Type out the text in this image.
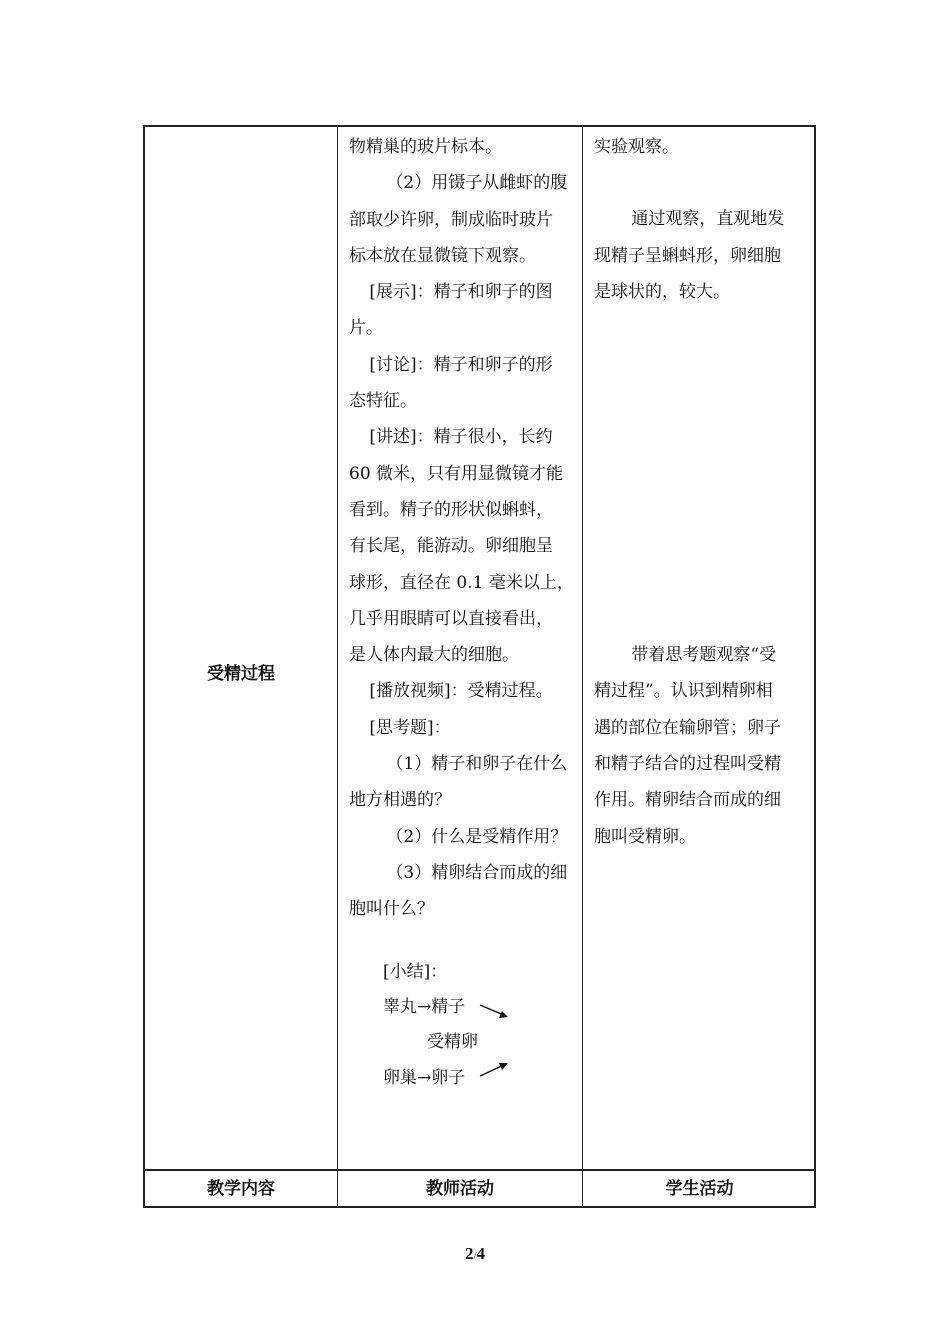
受精过程

物精巢的玻片标本。

（2）用镊子从雌虾的腹

部取少许卵，制成临时玻片

标本放在显微镜下观察。

[展示]：精子和卵子的图

片。

[讨论]：精子和卵子的形

态特征。

[讲述]：精子很小，长约

60 微米，只有用显微镜才能

看到。精子的形状似蝌蚪，

有长尾，能游动。卵细胞呈

球形，直径在 0.1 毫米以上，

几乎用眼睛可以直接看出，

是人体内最大的细胞。

[播放视频]：受精过程。

[思考题]：

（1）精子和卵子在什么

地方相遇的？

（2）什么是受精作用？

（3）精卵结合而成的细

胞叫什么？

实验观察。

通过观察，直观地发

现精子呈蝌蚪形，卵细胞

是球状的，较大。

带着思考题观察“受

精过程”。认识到精卵相

遇的部位在输卵管；卵子

和精子结合的过程叫受精

作用。精卵结合而成的细

胞叫受精卵。

教学内容	教师活动	学生活动
[小结]：
睾丸→精子
受精卵
卵巢→卵子
2/4
